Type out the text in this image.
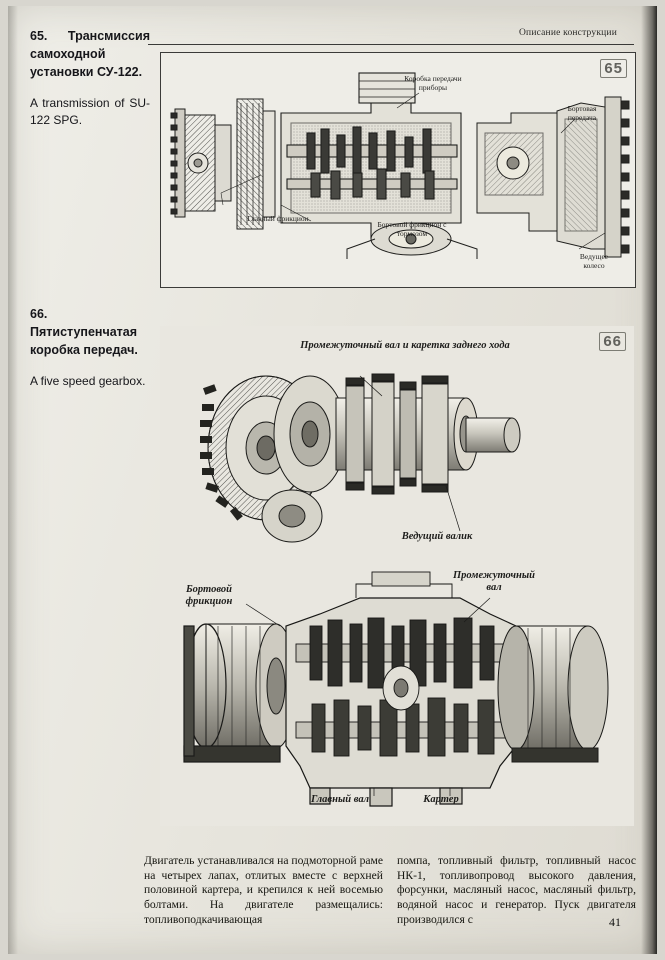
Описание конструкции
65. Трансмиссия самоходной установки СУ-122.
A transmission of SU-122 SPG.
66. Пятиступенчатая коробка передач.
A five speed gearbox.
65
Коробка передачи приборы
Бортовая передача
Главный фрикцион
Бортовой фрикцион с тормозом
Ведущее колесо
66
Промежуточный вал и каретка заднего хода
Ведущий валик
Бортовой фрикцион
Промежуточный вал
Главный вал	Картер
Двигатель устанавливался на подмоторной раме на четырех лапах, отлитых вместе с верхней половиной картера, и крепился к ней восемью болтами. На двигателе размещались: топливоподкачивающая
помпа, топливный фильтр, топливный насос НК-1, топливопровод высокого давления, форсунки, масляный насос, масляный фильтр, водяной насос и генератор. Пуск двигателя производился с	41
